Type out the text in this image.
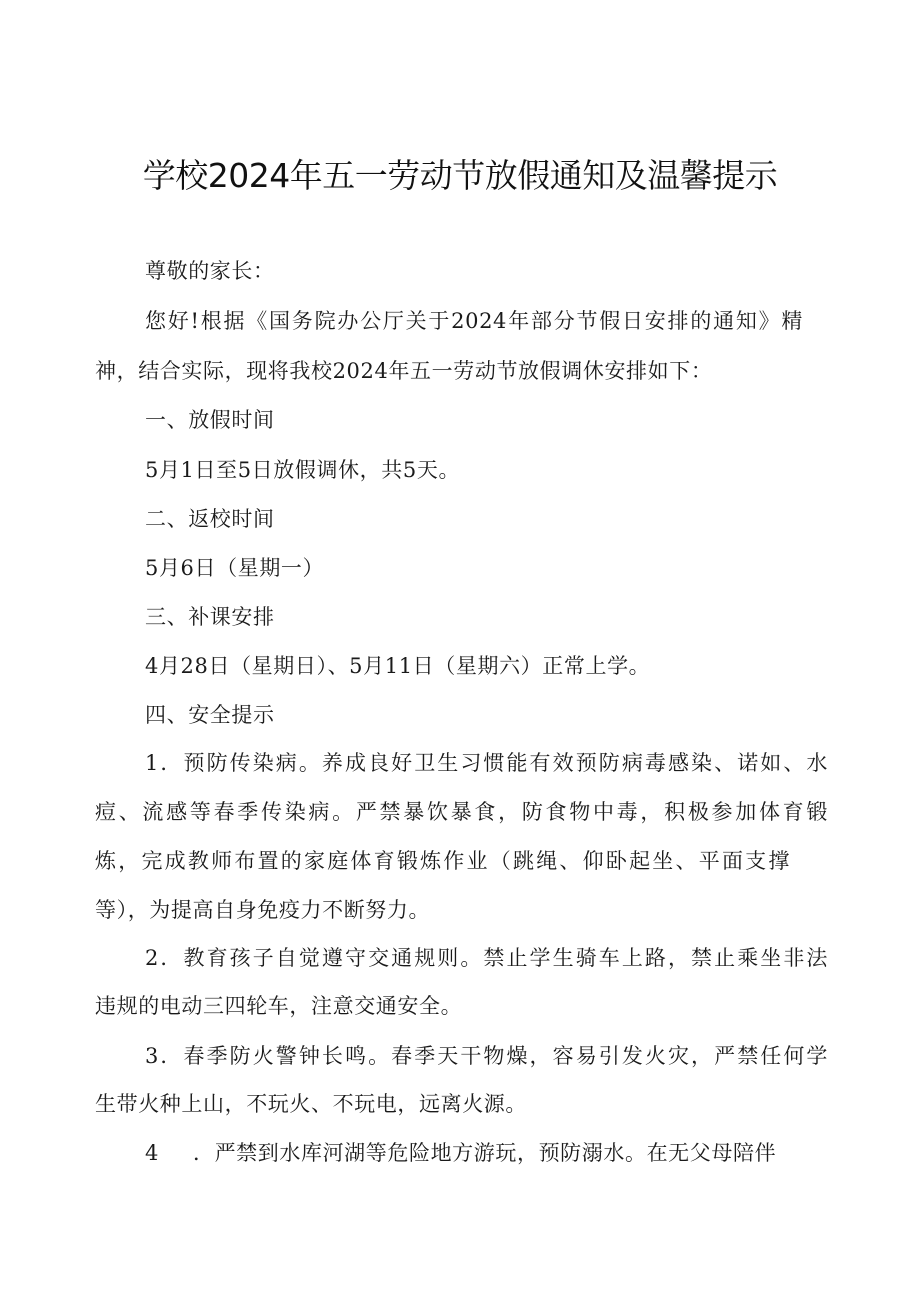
学校2024年五一劳动节放假通知及温馨提示
尊敬的家长：
您好!根据《国务院办公厅关于2024年部分节假日安排的通知》精
神，结合实际，现将我校2024年五一劳动节放假调休安排如下：
一、放假时间
5月1日至5日放假调休，共5天。
二、返校时间
5月6日（星期一）
三、补课安排
4月28日（星期日）、5月11日（星期六）正常上学。
四、安全提示
1．预防传染病。养成良好卫生习惯能有效预防病毒感染、诺如、水
痘、流感等春季传染病。严禁暴饮暴食，防食物中毒，积极参加体育锻
炼，完成教师布置的家庭体育锻炼作业（跳绳、仰卧起坐、平面支撑
等），为提高自身免疫力不断努力。
2．教育孩子自觉遵守交通规则。禁止学生骑车上路，禁止乘坐非法
违规的电动三四轮车，注意交通安全。
3．春季防火警钟长鸣。春季天干物燥，容易引发火灾，严禁任何学
生带火种上山，不玩火、不玩电，远离火源。
4 ．严禁到水库河湖等危险地方游玩，预防溺水。在无父母陪伴
